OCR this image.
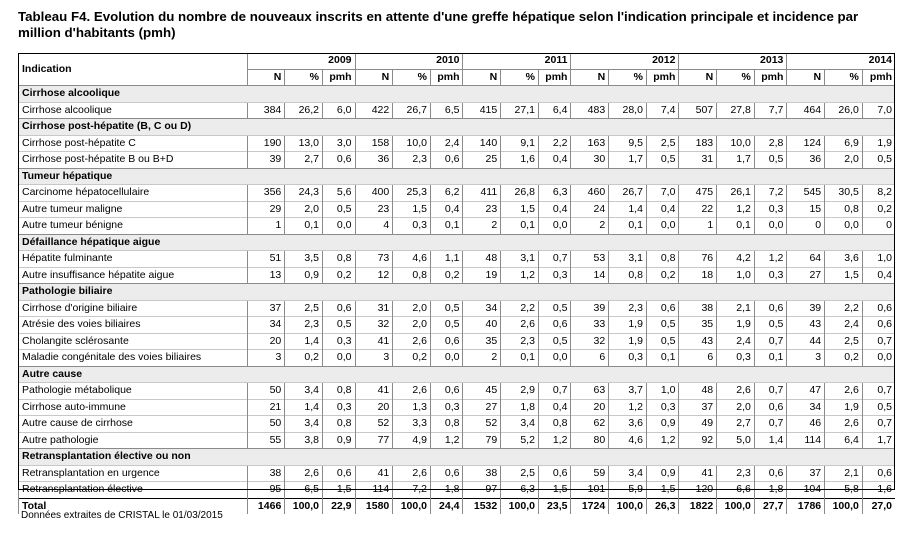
Tableau F4. Evolution du nombre de nouveaux inscrits en attente d'une greffe hépatique selon l'indication principale et incidence par million d'habitants (pmh)
Indication			2009			2010			2011			2012			2013			2014
	N	%	pmh	N	%	pmh	N	%	pmh	N	%	pmh	N	%	pmh	N	%	pmh
Cirrhose alcoolique																		
Cirrhose alcoolique	384	26,2	6,0	422	26,7	6,5	415	27,1	6,4	483	28,0	7,4	507	27,8	7,7	464	26,0	7,0
Cirrhose post-hépatite (B, C ou D)																		
Cirrhose post-hépatite C	190	13,0	3,0	158	10,0	2,4	140	9,1	2,2	163	9,5	2,5	183	10,0	2,8	124	6,9	1,9
Cirrhose post-hépatite B ou B+D	39	2,7	0,6	36	2,3	0,6	25	1,6	0,4	30	1,7	0,5	31	1,7	0,5	36	2,0	0,5
Tumeur hépatique																		
Carcinome hépatocellulaire	356	24,3	5,6	400	25,3	6,2	411	26,8	6,3	460	26,7	7,0	475	26,1	7,2	545	30,5	8,2
Autre tumeur maligne	29	2,0	0,5	23	1,5	0,4	23	1,5	0,4	24	1,4	0,4	22	1,2	0,3	15	0,8	0,2
Autre tumeur bénigne	1	0,1	0,0	4	0,3	0,1	2	0,1	0,0	2	0,1	0,0	1	0,1	0,0	0	0,0	0
Défaillance hépatique aigue																		
Hépatite fulminante	51	3,5	0,8	73	4,6	1,1	48	3,1	0,7	53	3,1	0,8	76	4,2	1,2	64	3,6	1,0
Autre insuffisance hépatite aigue	13	0,9	0,2	12	0,8	0,2	19	1,2	0,3	14	0,8	0,2	18	1,0	0,3	27	1,5	0,4
Pathologie biliaire																		
Cirrhose d'origine biliaire	37	2,5	0,6	31	2,0	0,5	34	2,2	0,5	39	2,3	0,6	38	2,1	0,6	39	2,2	0,6
Atrésie des voies biliaires	34	2,3	0,5	32	2,0	0,5	40	2,6	0,6	33	1,9	0,5	35	1,9	0,5	43	2,4	0,6
Cholangite sclérosante	20	1,4	0,3	41	2,6	0,6	35	2,3	0,5	32	1,9	0,5	43	2,4	0,7	44	2,5	0,7
Maladie congénitale des voies biliaires	3	0,2	0,0	3	0,2	0,0	2	0,1	0,0	6	0,3	0,1	6	0,3	0,1	3	0,2	0,0
Autre cause																		
Pathologie métabolique	50	3,4	0,8	41	2,6	0,6	45	2,9	0,7	63	3,7	1,0	48	2,6	0,7	47	2,6	0,7
Cirrhose auto-immune	21	1,4	0,3	20	1,3	0,3	27	1,8	0,4	20	1,2	0,3	37	2,0	0,6	34	1,9	0,5
Autre cause de cirrhose	50	3,4	0,8	52	3,3	0,8	52	3,4	0,8	62	3,6	0,9	49	2,7	0,7	46	2,6	0,7
Autre pathologie	55	3,8	0,9	77	4,9	1,2	79	5,2	1,2	80	4,6	1,2	92	5,0	1,4	114	6,4	1,7
Retransplantation élective ou non																		
Retransplantation en urgence	38	2,6	0,6	41	2,6	0,6	38	2,5	0,6	59	3,4	0,9	41	2,3	0,6	37	2,1	0,6
Retransplantation élective	95	6,5	1,5	114	7,2	1,8	97	6,3	1,5	101	5,9	1,5	120	6,6	1,8	104	5,8	1,6
Total	1466	100,0	22,9	1580	100,0	24,4	1532	100,0	23,5	1724	100,0	26,3	1822	100,0	27,7	1786	100,0	27,0

Données extraites de CRISTAL le 01/03/2015
